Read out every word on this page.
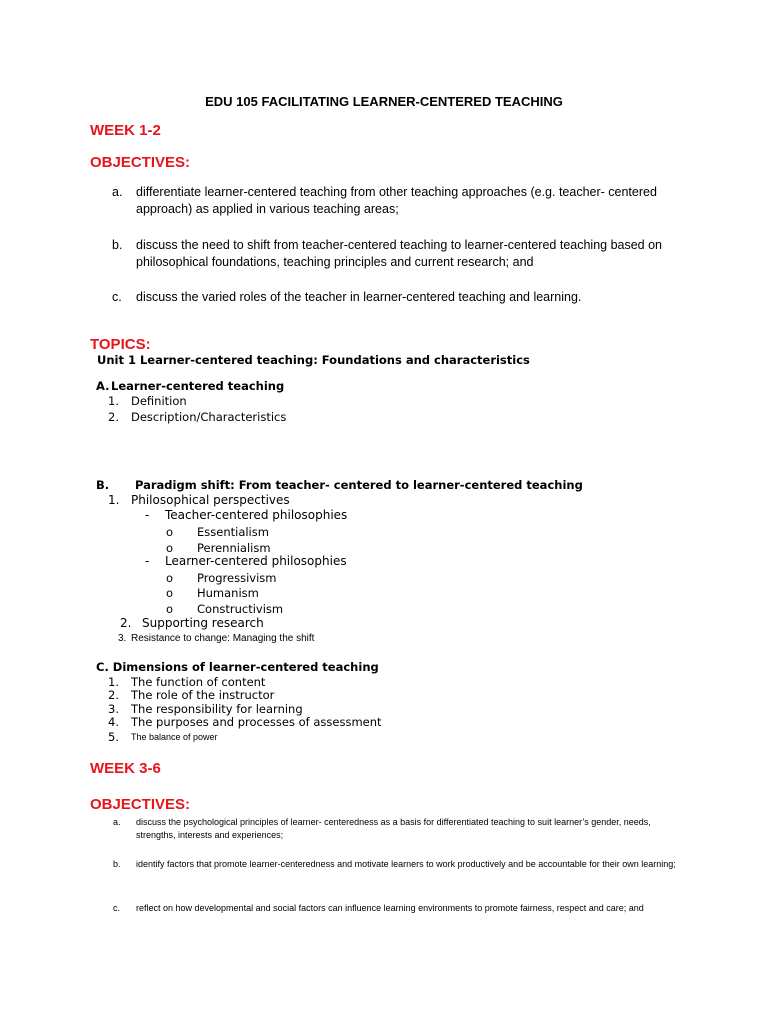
EDU 105 FACILITATING LEARNER-CENTERED TEACHING
WEEK 1-2
OBJECTIVES:
a. differentiate learner-centered teaching from other teaching approaches (e.g. teacher- centered approach) as applied in various teaching areas;
b. discuss the need to shift from teacher-centered teaching to learner-centered teaching based on philosophical foundations, teaching principles and current research; and
c. discuss the varied roles of the teacher in learner-centered teaching and learning.
TOPICS:
Unit 1 Learner-centered teaching: Foundations and characteristics
A. Learner-centered teaching
1. Definition
2. Description/Characteristics
B. Paradigm shift: From teacher- centered to learner-centered teaching
1. Philosophical perspectives
- Teacher-centered philosophies
o Essentialism
o Perennialism
- Learner-centered philosophies
o Progressivism
o Humanism
o Constructivism
2. Supporting research
3. Resistance to change: Managing the shift
C. Dimensions of learner-centered teaching
1. The function of content
2. The role of the instructor
3. The responsibility for learning
4. The purposes and processes of assessment
5. The balance of power
WEEK 3-6
OBJECTIVES:
a. discuss the psychological principles of learner- centeredness as a basis for differentiated teaching to suit learner’s gender, needs, strengths, interests and experiences;
b. identify factors that promote learner-centeredness and motivate learners to work productively and be accountable for their own learning;
c. reflect on how developmental and social factors can influence learning environments to promote fairness, respect and care; and
